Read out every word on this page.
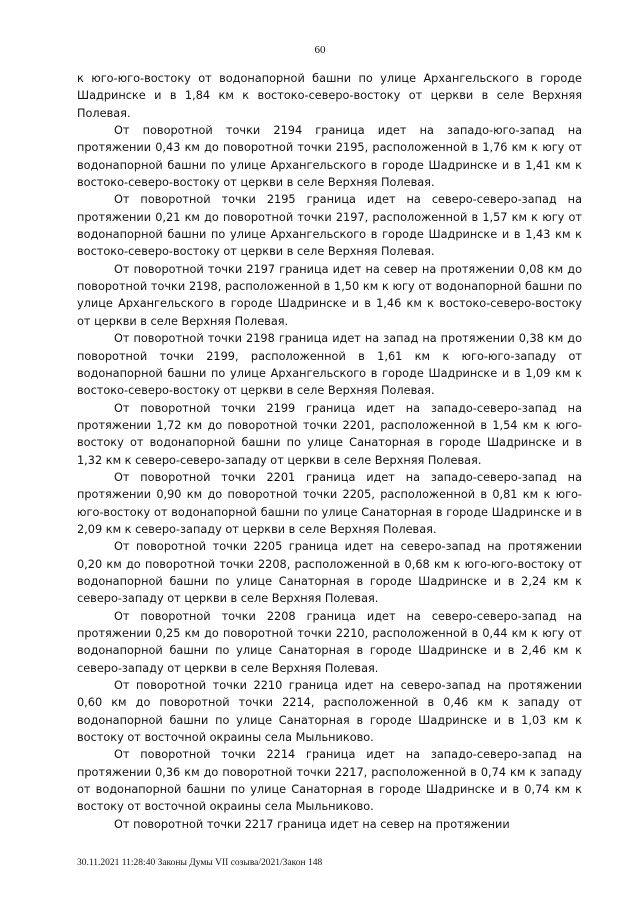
60

к юго-юго-востоку от водонапорной башни по улице Архангельского в городе Шадринске и в 1,84 км к востоко-северо-востоку от церкви в селе Верхняя Полевая.

От поворотной точки 2194 граница идет на западо-юго-запад на протяжении 0,43 км до поворотной точки 2195, расположенной в 1,76 км к югу от водонапорной башни по улице Архангельского в городе Шадринске и в 1,41 км к востоко-северо-востоку от церкви в селе Верхняя Полевая.

От поворотной точки 2195 граница идет на северо-северо-запад на протяжении 0,21 км до поворотной точки 2197, расположенной в 1,57 км к югу от водонапорной башни по улице Архангельского в городе Шадринске и в 1,43 км к востоко-северо-востоку от церкви в селе Верхняя Полевая.

От поворотной точки 2197 граница идет на север на протяжении 0,08 км до поворотной точки 2198, расположенной в 1,50 км к югу от водонапорной башни по улице Архангельского в городе Шадринске и в 1,46 км к востоко-северо-востоку от церкви в селе Верхняя Полевая.

От поворотной точки 2198 граница идет на запад на протяжении 0,38 км до поворотной точки 2199, расположенной в 1,61 км к юго-юго-западу от водонапорной башни по улице Архангельского в городе Шадринске и в 1,09 км к востоко-северо-востоку от церкви в селе Верхняя Полевая.

От поворотной точки 2199 граница идет на западо-северо-запад на протяжении 1,72 км до поворотной точки 2201, расположенной в 1,54 км к юго-востоку от водонапорной башни по улице Санаторная в городе Шадринске и в 1,32 км к северо-северо-западу от церкви в селе Верхняя Полевая.

От поворотной точки 2201 граница идет на западо-северо-запад на протяжении 0,90 км до поворотной точки 2205, расположенной в 0,81 км к юго-юго-востоку от водонапорной башни по улице Санаторная в городе Шадринске и в 2,09 км к северо-западу от церкви в селе Верхняя Полевая.

От поворотной точки 2205 граница идет на северо-запад на протяжении 0,20 км до поворотной точки 2208, расположенной в 0,68 км к юго-юго-востоку от водонапорной башни по улице Санаторная в городе Шадринске и в 2,24 км к северо-западу от церкви в селе Верхняя Полевая.

От поворотной точки 2208 граница идет на северо-северо-запад на протяжении 0,25 км до поворотной точки 2210, расположенной в 0,44 км к югу от водонапорной башни по улице Санаторная в городе Шадринске и в 2,46 км к северо-западу от церкви в селе Верхняя Полевая.

От поворотной точки 2210 граница идет на северо-запад на протяжении 0,60 км до поворотной точки 2214, расположенной в 0,46 км к западу от водонапорной башни по улице Санаторная в городе Шадринске и в 1,03 км к востоку от восточной окраины села Мыльниково.

От поворотной точки 2214 граница идет на западо-северо-запад на протяжении 0,36 км до поворотной точки 2217, расположенной в 0,74 км к западу от водонапорной башни по улице Санаторная в городе Шадринске и в 0,74 км к востоку от восточной окраины села Мыльниково.

От поворотной точки 2217 граница идет на север на протяжении

30.11.2021 11:28:40 Законы Думы VII созыва/2021/Закон 148
